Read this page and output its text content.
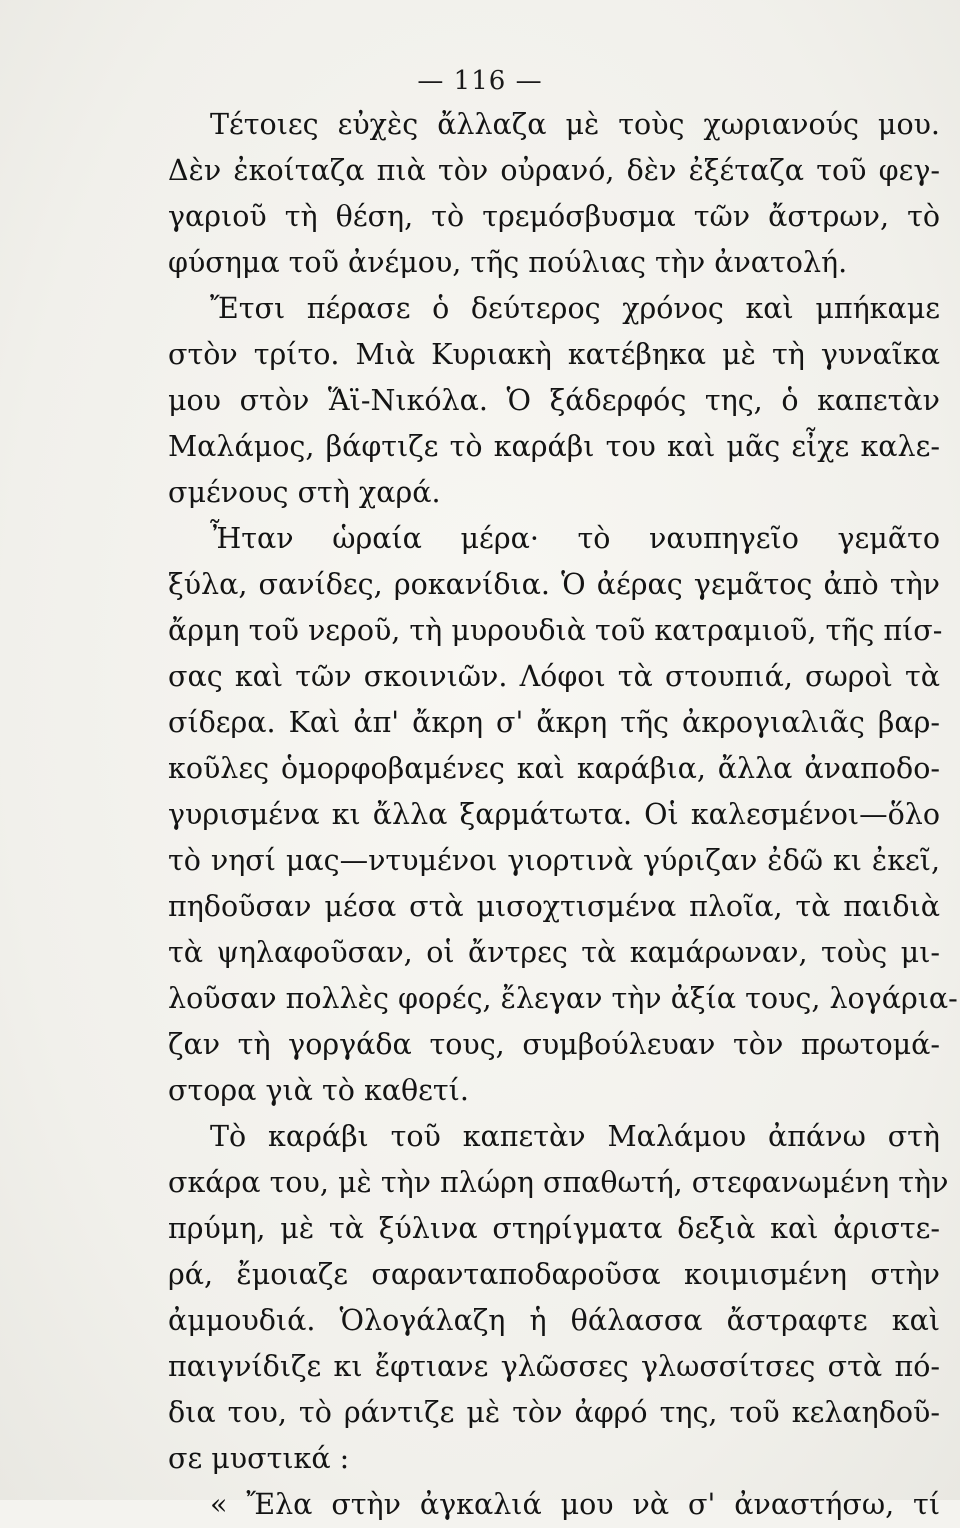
— 116 —
Τέτοιες εὐχὲς ἄλλαζα μὲ τοὺς χωριανούς μου.
Δὲν ἐκοίταζα πιὰ τὸν οὐρανό, δὲν ἐξέταζα τοῦ φεγ-
γαριοῦ τὴ θέση, τὸ τρεμόσβυσμα τῶν ἄστρων, τὸ
φύσημα τοῦ ἀνέμου, τῆς πούλιας τὴν ἀνατολή.
Ἔτσι πέρασε ὁ δεύτερος χρόνος καὶ μπήκαμε
στὸν τρίτο. Μιὰ Κυριακὴ κατέβηκα μὲ τὴ γυναῖκα
μου στὸν Ἅϊ-Νικόλα. Ὁ ξάδερφός της, ὁ καπετὰν
Μαλάμος, βάφτιζε τὸ καράβι του καὶ μᾶς εἶχε καλε-
σμένους στὴ χαρά.
Ἦταν ὡραία μέρα· τὸ ναυπηγεῖο γεμᾶτο
ξύλα, σανίδες, ροκανίδια. Ὁ ἀέρας γεμᾶτος ἀπὸ τὴν
ἄρμη τοῦ νεροῦ, τὴ μυρουδιὰ τοῦ κατραμιοῦ, τῆς πίσ-
σας καὶ τῶν σκοινιῶν. Λόφοι τὰ στουπιά, σωροὶ τὰ
σίδερα. Καὶ ἀπ' ἄκρη σ' ἄκρη τῆς ἀκρογιαλιᾶς βαρ-
κοῦλες ὁμορφοβαμένες καὶ καράβια, ἄλλα ἀναποδο-
γυρισμένα κι ἄλλα ξαρμάτωτα. Οἱ καλεσμένοι—ὅλο
τὸ νησί μας—ντυμένοι γιορτινὰ γύριζαν ἐδῶ κι ἐκεῖ,
πηδοῦσαν μέσα στὰ μισοχτισμένα πλοῖα, τὰ παιδιὰ
τὰ ψηλαφοῦσαν, οἱ ἄντρες τὰ καμάρωναν, τοὺς μι-
λοῦσαν πολλὲς φορές, ἔλεγαν τὴν ἀξία τους, λογάρια-
ζαν τὴ γοργάδα τους, συμβούλευαν τὸν πρωτομά-
στορα γιὰ τὸ καθετί.
Τὸ καράβι τοῦ καπετὰν Μαλάμου ἀπάνω στὴ
σκάρα του, μὲ τὴν πλώρη σπαθωτή, στεφανωμένη τὴν
πρύμη, μὲ τὰ ξύλινα στηρίγματα δεξιὰ καὶ ἀριστε-
ρά, ἔμοιαζε σαρανταποδαροῦσα κοιμισμένη στὴν
ἀμμουδιά. Ὁλογάλαζη ἡ θάλασσα ἄστραφτε καὶ
παιγνίδιζε κι ἔφτιανε γλῶσσες γλωσσίτσες στὰ πό-
δια του, τὸ ράντιζε μὲ τὸν ἀφρό της, τοῦ κελαηδοῦ-
σε μυστικά :
« Ἔλα στὴν ἀγκαλιά μου νὰ σ' ἀναστήσω, τί
